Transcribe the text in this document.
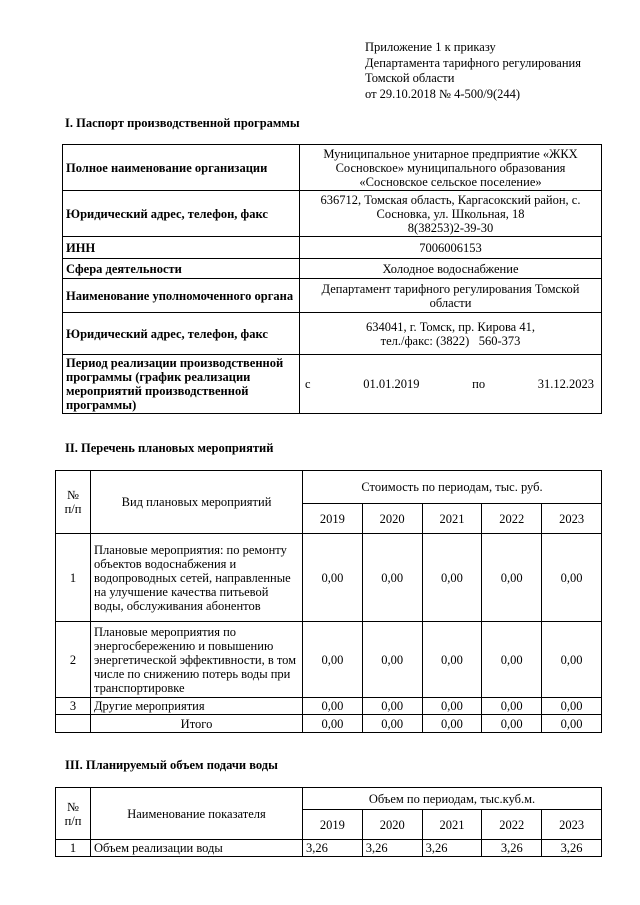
Приложение 1 к приказу
Департамента тарифного регулирования
Томской области
от 29.10.2018 № 4-500/9(244)
I. Паспорт производственной программы
Полное наименование организации	Муниципальное унитарное предприятие «ЖКХ Сосновское» муниципального образования «Сосновское сельское поселение»
Юридический адрес, телефон, факс	636712, Томская область, Каргасокский район, с. Сосновка, ул. Школьная, 18
8(38253)2-39-30
ИНН	7006006153
Сфера деятельности	Холодное водоснабжение
Наименование уполномоченного органа	Департамент тарифного регулирования Томской области
Юридический адрес, телефон, факс	634041, г. Томск, пр. Кирова 41,
тел./факс: (3822)   560-373
Период реализации производственной программы (график реализации мероприятий производственной программы)	с 01.01.2019 по 31.12.2023
II. Перечень плановых мероприятий
№
п/п	Вид плановых мероприятий	Стоимость по периодам, тыс. руб.				
		2019	2020	2021	2022	2023
1	Плановые мероприятия: по ремонту объектов водоснабжения и водопроводных сетей, направленные на улучшение качества питьевой воды, обслуживания абонентов	0,00	0,00	0,00	0,00	0,00
2	Плановые мероприятия по энергосбережению и повышению энергетической эффективности, в том числе по снижению потерь воды при транспортировке	0,00	0,00	0,00	0,00	0,00
3	Другие мероприятия	0,00	0,00	0,00	0,00	0,00
	Итого	0,00	0,00	0,00	0,00	0,00
III. Планируемый объем подачи воды
№
п/п	Наименование показателя	Объем по периодам, тыс.куб.м.				
		2019	2020	2021	2022	2023
1	Объем реализации воды	3,26	3,26	3,26	3,26	3,26
